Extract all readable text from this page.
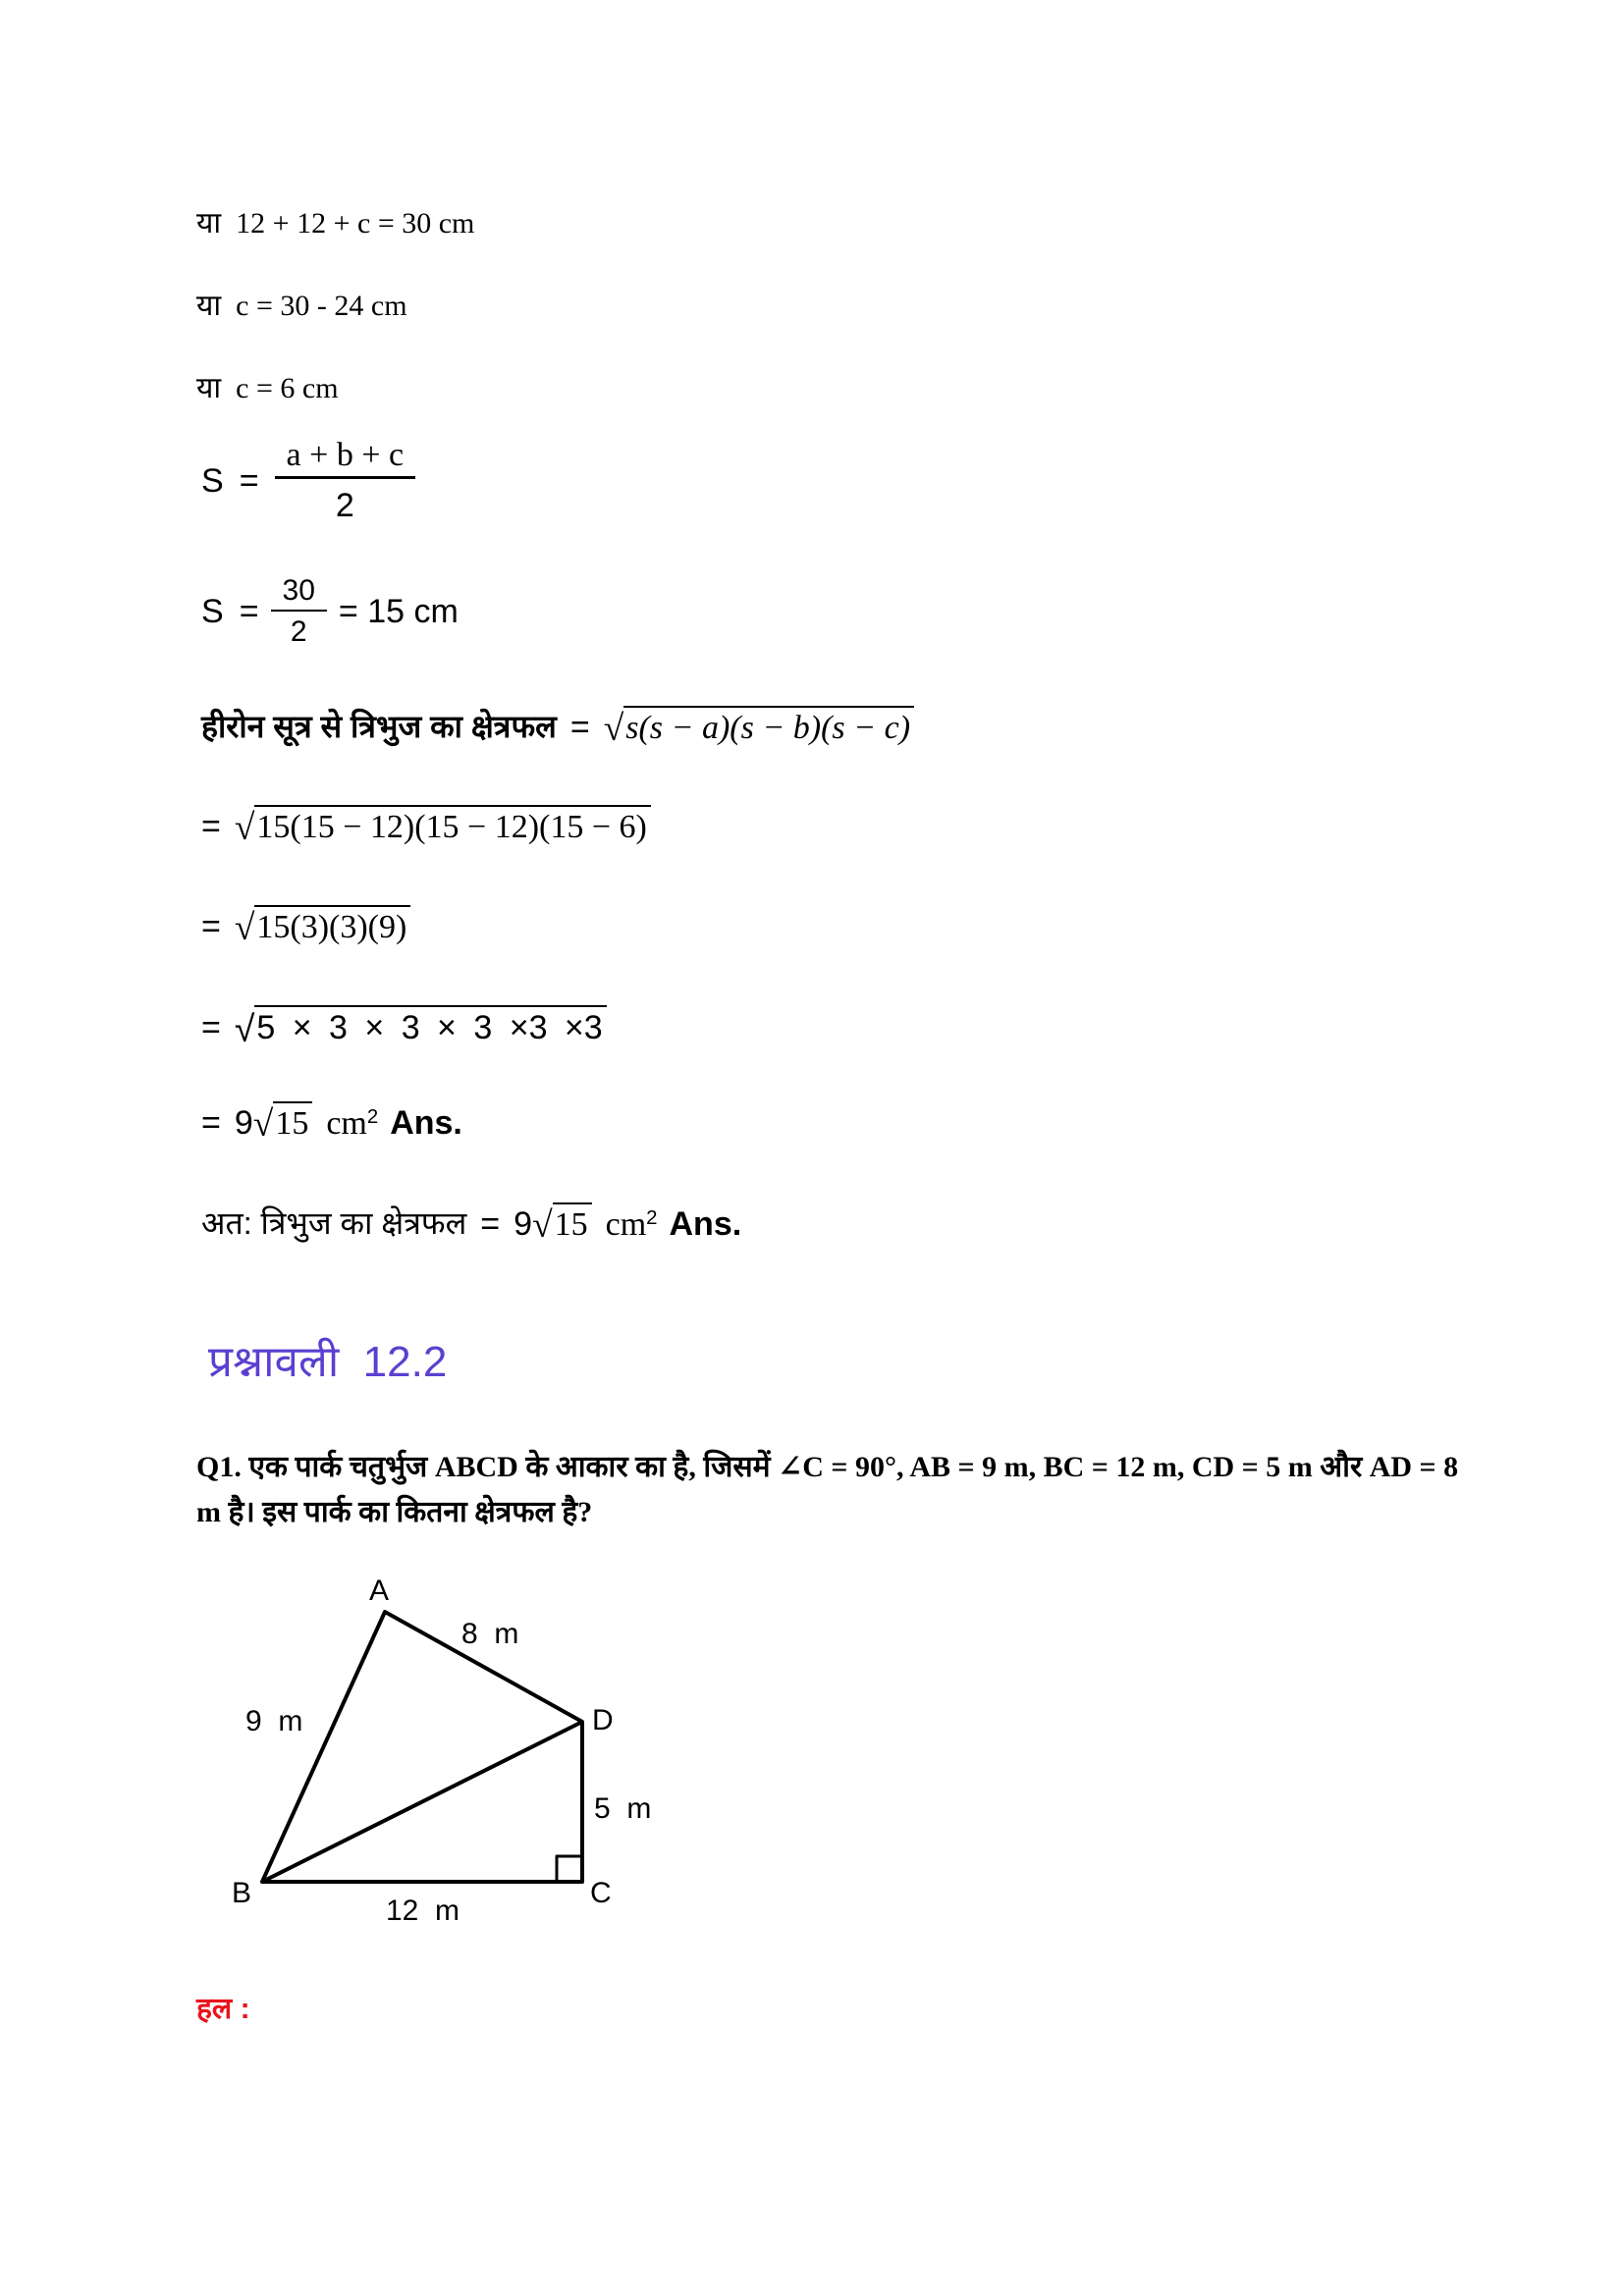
या 12 + 12 + c = 30 cm
या c = 30 - 24 cm
या c = 6 cm
$S = \frac{a + b + c}{2}$
$S = \frac{30}{2} = 15$ cm
हीरोन सूत्र से त्रिभुज का क्षेत्रफल = √ s(s − a)(s − b)(s − c)
= √ 15(15 − 12)(15 − 12)(15 − 6)
= √ 15(3)(3)(9)
= √ 5 × 3 × 3 × 3 ×3 ×3
= 9 √ 15 $cm^2$ Ans.
अत: त्रिभुज का क्षेत्रफल = 9 √ 15 $cm^2$ Ans.
प्रश्नावली  12.2
Q1. एक पार्क चतुर्भुज ABCD के आकार का है, जिसमें ∠C = 90°, AB = 9 m, BC = 12 m, CD = 5 m और AD = 8 m है। इस पार्क का कितना क्षेत्रफल है?
A
B	C
D
9  m
8  m
5  m
12  m
हल :
